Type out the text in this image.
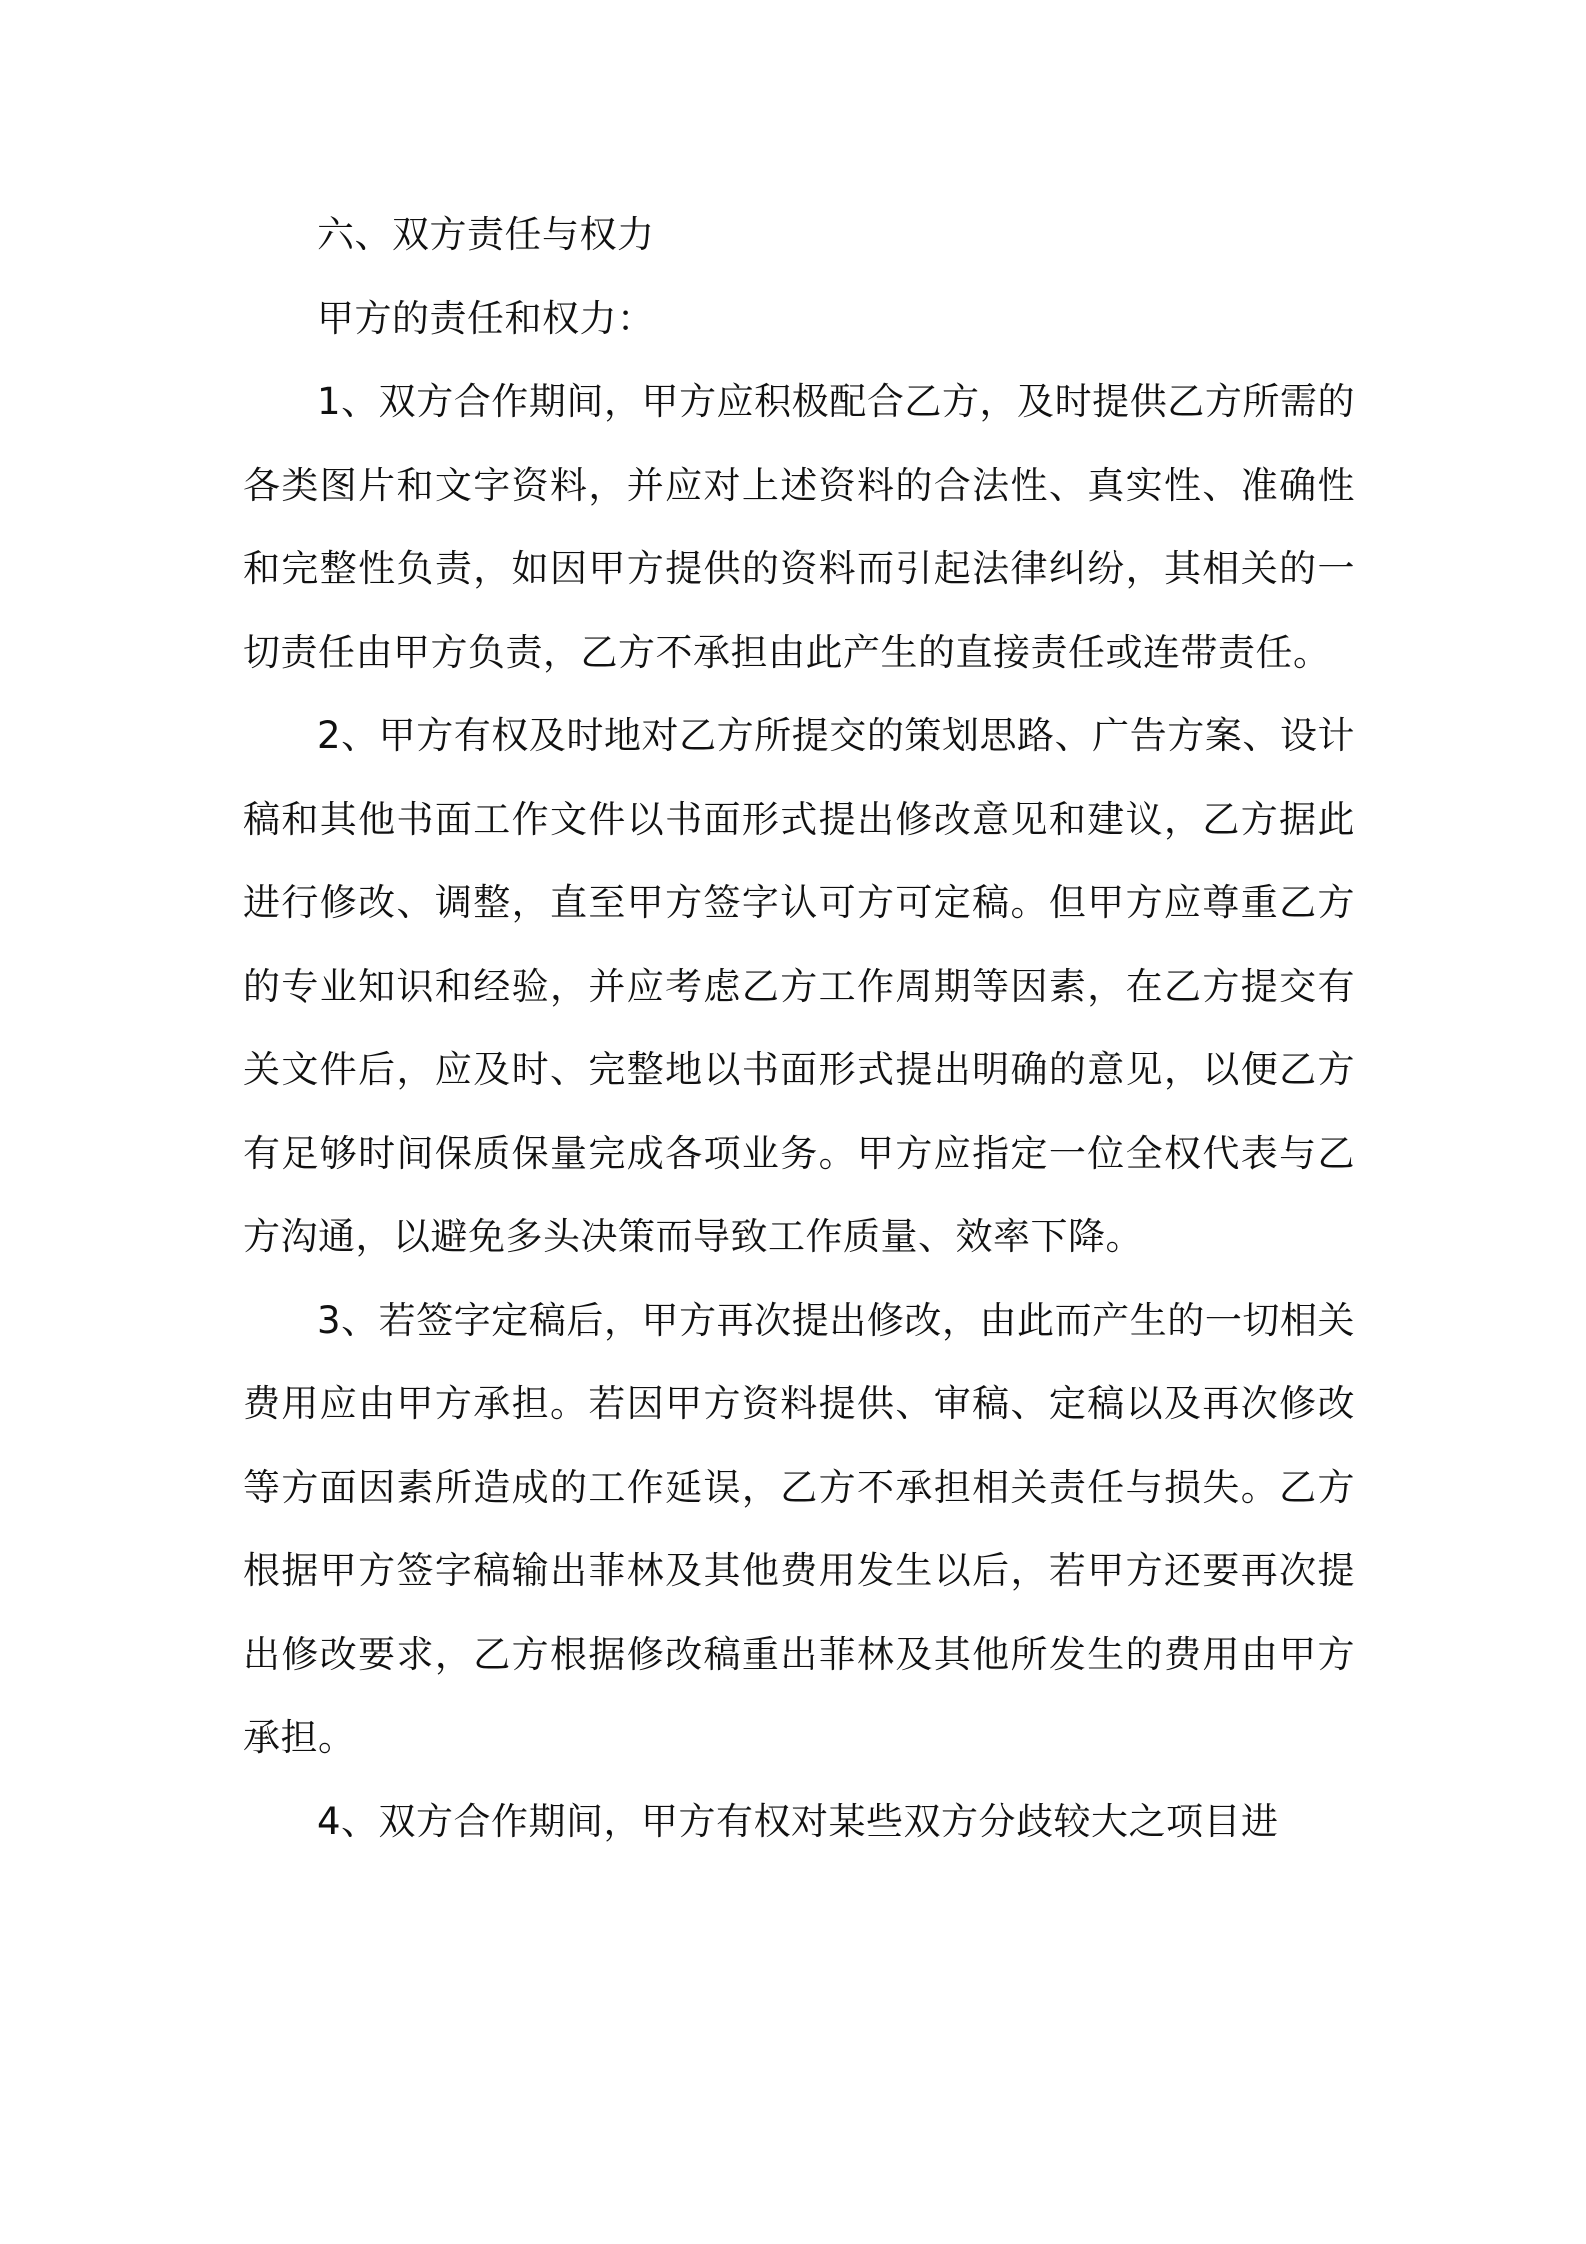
六、双方责任与权力

甲方的责任和权力：

1、双方合作期间，甲方应积极配合乙方，及时提供乙方所需的各类图片和文字资料，并应对上述资料的合法性、真实性、准确性和完整性负责，如因甲方提供的资料而引起法律纠纷，其相关的一切责任由甲方负责，乙方不承担由此产生的直接责任或连带责任。

2、甲方有权及时地对乙方所提交的策划思路、广告方案、设计稿和其他书面工作文件以书面形式提出修改意见和建议，乙方据此进行修改、调整，直至甲方签字认可方可定稿。但甲方应尊重乙方的专业知识和经验，并应考虑乙方工作周期等因素，在乙方提交有关文件后，应及时、完整地以书面形式提出明确的意见，以便乙方有足够时间保质保量完成各项业务。甲方应指定一位全权代表与乙方沟通，以避免多头决策而导致工作质量、效率下降。

3、若签字定稿后，甲方再次提出修改，由此而产生的一切相关费用应由甲方承担。若因甲方资料提供、审稿、定稿以及再次修改等方面因素所造成的工作延误，乙方不承担相关责任与损失。乙方根据甲方签字稿输出菲林及其他费用发生以后，若甲方还要再次提出修改要求，乙方根据修改稿重出菲林及其他所发生的费用由甲方承担。

4、双方合作期间，甲方有权对某些双方分歧较大之项目进
